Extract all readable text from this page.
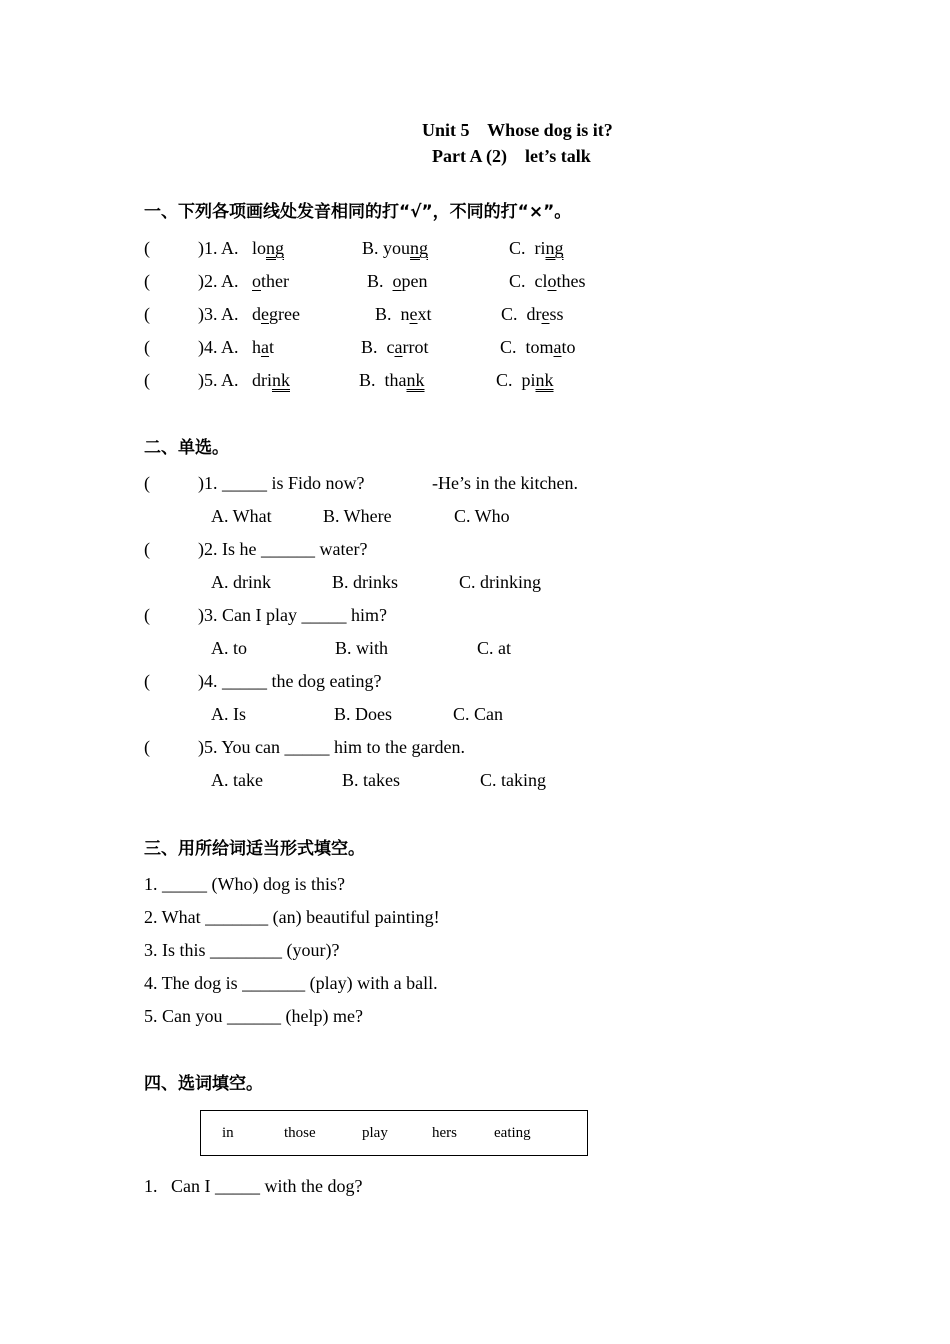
Unit 5    Whose dog is it?
Part A (2)    let’s talk
一、下列各项画线处发音相同的打“√”，不同的打“×”。
(	)1. A. long	B. young	C.  ring
(	)2. A. other	B.  open	C.  clothes
(	)3. A. degree	B.  next	C.  dress
(	)4. A. hat	B.  carrot	C.  tomato
(	)5. A. drink	B.  thank	C.  pink
二、单选。
(	)1. _____ is Fido now?	-He’s in the kitchen.
A. What	B. Where	C. Who
(	)2. Is he ______ water?
A. drink	B. drinks	C. drinking
(	)3. Can I play _____ him?
A. to	B. with	C. at
(	)4. _____ the dog eating?
A. Is	B. Does	C. Can
(	)5. You can _____ him to the garden.
A. take	B. takes	C. taking
三、用所给词适当形式填空。
1. _____ (Who) dog is this?
2. What _______ (an) beautiful painting!
3. Is this ________ (your)?
4. The dog is _______ (play) with a ball.
5. Can you ______ (help) me?
四、选词填空。
in	those	play	hers eating
1.   Can I _____ with the dog?
